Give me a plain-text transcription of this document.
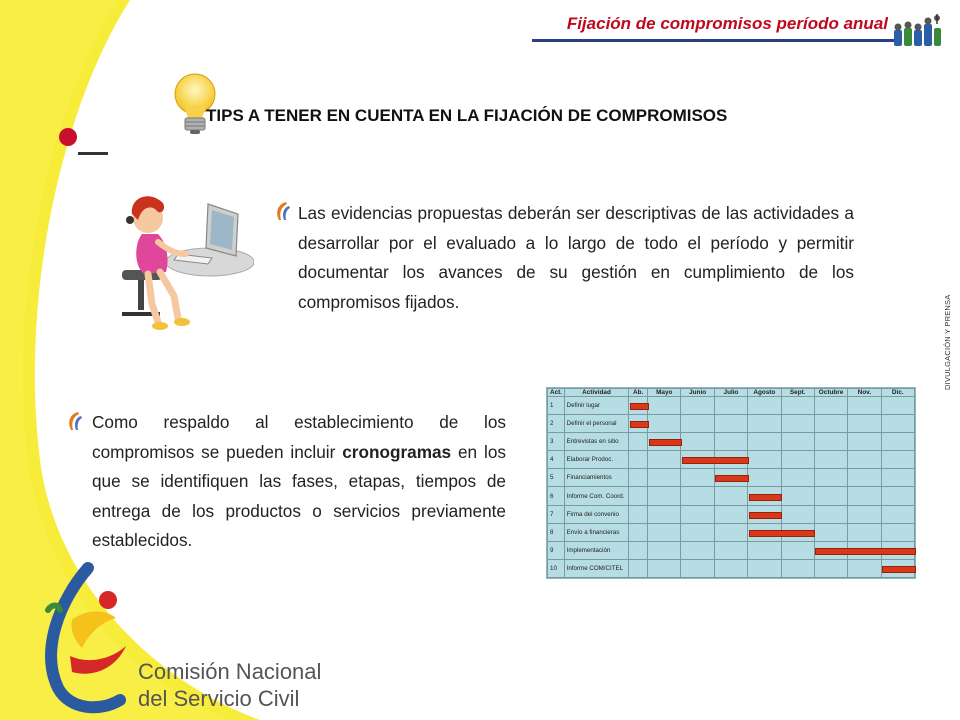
Fijación de compromisos período anual
TIPS A TENER EN CUENTA EN LA FIJACIÓN DE COMPROMISOS
Las evidencias propuestas deberán ser descriptivas de las actividades a desarrollar por el evaluado a lo largo de todo el período y permitir documentar los avances de su gestión en cumplimiento de los compromisos fijados.	DIVULGACIÓN Y PRENSA
Como respaldo al establecimiento de los compromisos se pueden incluir cronogramas en los que se identifiquen las fases, etapas, tiempos de entrega de los productos o servicios previamente establecidos.
Act.	Actividad	Ab.	Mayo	Junio	Julio	Agosto	Sept.	Octubre	Nov.	Dic.
1	Definir lugar									
2	Definir el personal									
3	Entrevistas en sitio									
4	Elaborar Prodoc.									
5	Financiamientos									
6	Informe Com. Coord.									
7	Firma del convenio									
8	Envío a financieras									
9	Implementación									
10	Informe COM/CITEL									
Comisión Nacional
del Servicio Civil
